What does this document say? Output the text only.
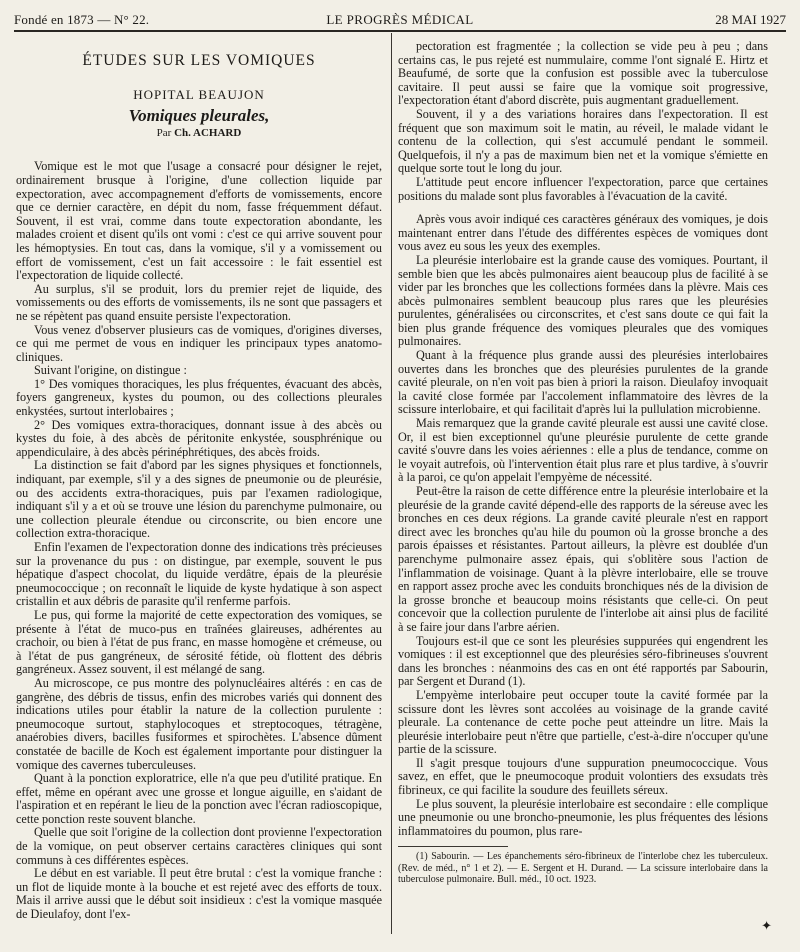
Fondé en 1873 — N° 22.	LE PROGRÈS MÉDICAL	28 MAI 1927
ÉTUDES SUR LES VOMIQUES
HOPITAL BEAUJON
Vomiques pleurales,
Par Ch. ACHARD

Vomique est le mot que l'usage a consacré pour désigner le rejet, ordinairement brusque à l'origine, d'une collection liquide par expectoration, avec accompagnement d'efforts de vomissements, encore que ce dernier caractère, en dépit du nom, fasse fréquemment défaut. Souvent, il est vrai, comme dans toute expectoration abondante, les malades croient et disent qu'ils ont vomi : c'est ce qui arrive souvent pour les hémoptysies. En tout cas, dans la vomique, s'il y a vomissement ou effort de vomissement, c'est un fait accessoire : le fait essentiel est l'expectoration de liquide collecté.

Au surplus, s'il se produit, lors du premier rejet de liquide, des vomissements ou des efforts de vomissements, ils ne sont que passagers et ne se répètent pas quand ensuite persiste l'expectoration.

Vous venez d'observer plusieurs cas de vomiques, d'origines diverses, ce qui me permet de vous en indiquer les principaux types anatomo-cliniques.

Suivant l'origine, on distingue :

1° Des vomiques thoraciques, les plus fréquentes, évacuant des abcès, foyers gangreneux, kystes du poumon, ou des collections pleurales enkystées, surtout interlobaires ;

2° Des vomiques extra-thoraciques, donnant issue à des abcès ou kystes du foie, à des abcès de péritonite enkystée, sousphrénique ou appendiculaire, à des abcès périnéphrétiques, des abcès froids.

La distinction se fait d'abord par les signes physiques et fonctionnels, indiquant, par exemple, s'il y a des signes de pneumonie ou de pleurésie, ou des accidents extra-thoraciques, puis par l'examen radiologique, indiquant s'il y a et où se trouve une lésion du parenchyme pulmonaire, ou une collection pleurale étendue ou circonscrite, ou bien encore une collection extra-thoracique.

Enfin l'examen de l'expectoration donne des indications très précieuses sur la provenance du pus : on distingue, par exemple, souvent le pus hépatique d'aspect chocolat, du liquide verdâtre, épais de la pleurésie pneumococcique ; on reconnaît le liquide de kyste hydatique à son aspect cristallin et aux débris de parasite qu'il renferme parfois.

Le pus, qui forme la majorité de cette expectoration des vomiques, se présente à l'état de muco-pus en traînées glaireuses, adhérentes au crachoir, ou bien à l'état de pus franc, en masse homogène et crémeuse, ou à l'état de pus gangréneux, de sérosité fétide, où flottent des débris gangréneux. Assez souvent, il est mélangé de sang.

Au microscope, ce pus montre des polynucléaires altérés : en cas de gangrène, des débris de tissus, enfin des microbes variés qui donnent des indications utiles pour établir la nature de la collection purulente : pneumocoque surtout, staphylocoques et streptocoques, tétragène, anaérobies divers, bacilles fusiformes et spirochètes. L'absence dûment constatée de bacille de Koch est également importante pour distinguer la vomique des cavernes tuberculeuses.

Quant à la ponction exploratrice, elle n'a que peu d'utilité pratique. En effet, même en opérant avec une grosse et longue aiguille, en s'aidant de l'aspiration et en repérant le lieu de la ponction avec l'écran radioscopique, cette ponction reste souvent blanche.

Quelle que soit l'origine de la collection dont provienne l'expectoration de la vomique, on peut observer certains caractères cliniques qui sont communs à ces différentes espèces.

Le début en est variable. Il peut être brutal : c'est la vomique franche : un flot de liquide monte à la bouche et est rejeté avec des efforts de toux. Mais il arrive aussi que le début soit insidieux : c'est la vomique masquée de Dieulafoy, dont l'ex-

pectoration est fragmentée ; la collection se vide peu à peu ; dans certains cas, le pus rejeté est nummulaire, comme l'ont signalé E. Hirtz et Beaufumé, de sorte que la confusion est possible avec la tuberculose cavitaire. Il peut aussi se faire que la vomique soit progressive, l'expectoration étant d'abord discrète, puis augmentant graduellement.

Souvent, il y a des variations horaires dans l'expectoration. Il est fréquent que son maximum soit le matin, au réveil, le malade vidant le contenu de la collection, qui s'est accumulé pendant le sommeil. Quelquefois, il n'y a pas de maximum bien net et la vomique s'émiette en quelque sorte tout le long du jour.

L'attitude peut encore influencer l'expectoration, parce que certaines positions du malade sont plus favorables à l'évacuation de la cavité.

Après vous avoir indiqué ces caractères généraux des vomiques, je dois maintenant entrer dans l'étude des différentes espèces de vomiques dont vous avez eu sous les yeux des exemples.

La pleurésie interlobaire est la grande cause des vomiques. Pourtant, il semble bien que les abcès pulmonaires aient beaucoup plus de facilité à se vider par les bronches que les collections formées dans la plèvre. Mais ces abcès pulmonaires semblent beaucoup plus rares que les pleurésies purulentes, généralisées ou circonscrites, et c'est sans doute ce qui fait la bien plus grande fréquence des vomiques pleurales que des vomiques pulmonaires.

Quant à la fréquence plus grande aussi des pleurésies interlobaires ouvertes dans les bronches que des pleurésies purulentes de la grande cavité pleurale, on n'en voit pas bien à priori la raison. Dieulafoy invoquait la cavité close formée par l'accolement inflammatoire des lèvres de la scissure interlobaire, et qui facilitait d'après lui la pullulation microbienne.

Mais remarquez que la grande cavité pleurale est aussi une cavité close. Or, il est bien exceptionnel qu'une pleurésie purulente de cette grande cavité s'ouvre dans les voies aériennes : elle a plus de tendance, comme on le voyait autrefois, où l'intervention était plus rare et plus tardive, à s'ouvrir à la paroi, ce qu'on appelait l'empyème de nécessité.

Peut-être la raison de cette différence entre la pleurésie interlobaire et la pleurésie de la grande cavité dépend-elle des rapports de la séreuse avec les bronches en ces deux régions. La grande cavité pleurale n'est en rapport direct avec les bronches qu'au hile du poumon où la grosse bronche a des parois épaisses et résistantes. Partout ailleurs, la plèvre est doublée d'un parenchyme pulmonaire assez épais, qui s'oblitère sous l'action de l'inflammation de voisinage. Quant à la plèvre interlobaire, elle se trouve en rapport assez proche avec les conduits bronchiques nés de la division de la grosse bronche et beaucoup moins résistants que celle-ci. On peut concevoir que la collection purulente de l'interlobe ait ainsi plus de facilité à se faire jour dans l'arbre aérien.

Toujours est-il que ce sont les pleurésies suppurées qui engendrent les vomiques : il est exceptionnel que des pleurésies séro-fibrineuses s'ouvrent dans les bronches : néanmoins des cas en ont été rapportés par Sabourin, par Sergent et Durand (1).

L'empyème interlobaire peut occuper toute la cavité formée par la scissure dont les lèvres sont accolées au voisinage de la grande cavité pleurale. La contenance de cette poche peut atteindre un litre. Mais la pleurésie interlobaire peut n'être que partielle, c'est-à-dire n'occuper qu'une partie de la scissure.

Il s'agit presque toujours d'une suppuration pneumococcique. Vous savez, en effet, que le pneumocoque produit volontiers des exsudats très fibrineux, ce qui facilite la soudure des feuillets séreux.

Le plus souvent, la pleurésie interlobaire est secondaire : elle complique une pneumonie ou une broncho-pneumonie, les plus fréquentes des lésions inflammatoires du poumon, plus rare-

(1) Sabourin. — Les épanchements séro-fibrineux de l'interlobe chez les tuberculeux. (Rev. de méd., n° 1 et 2). — E. Sergent et H. Durand. — La scissure interlobaire dans la tuberculose pulmonaire. Bull. méd., 10 oct. 1923.
✦
